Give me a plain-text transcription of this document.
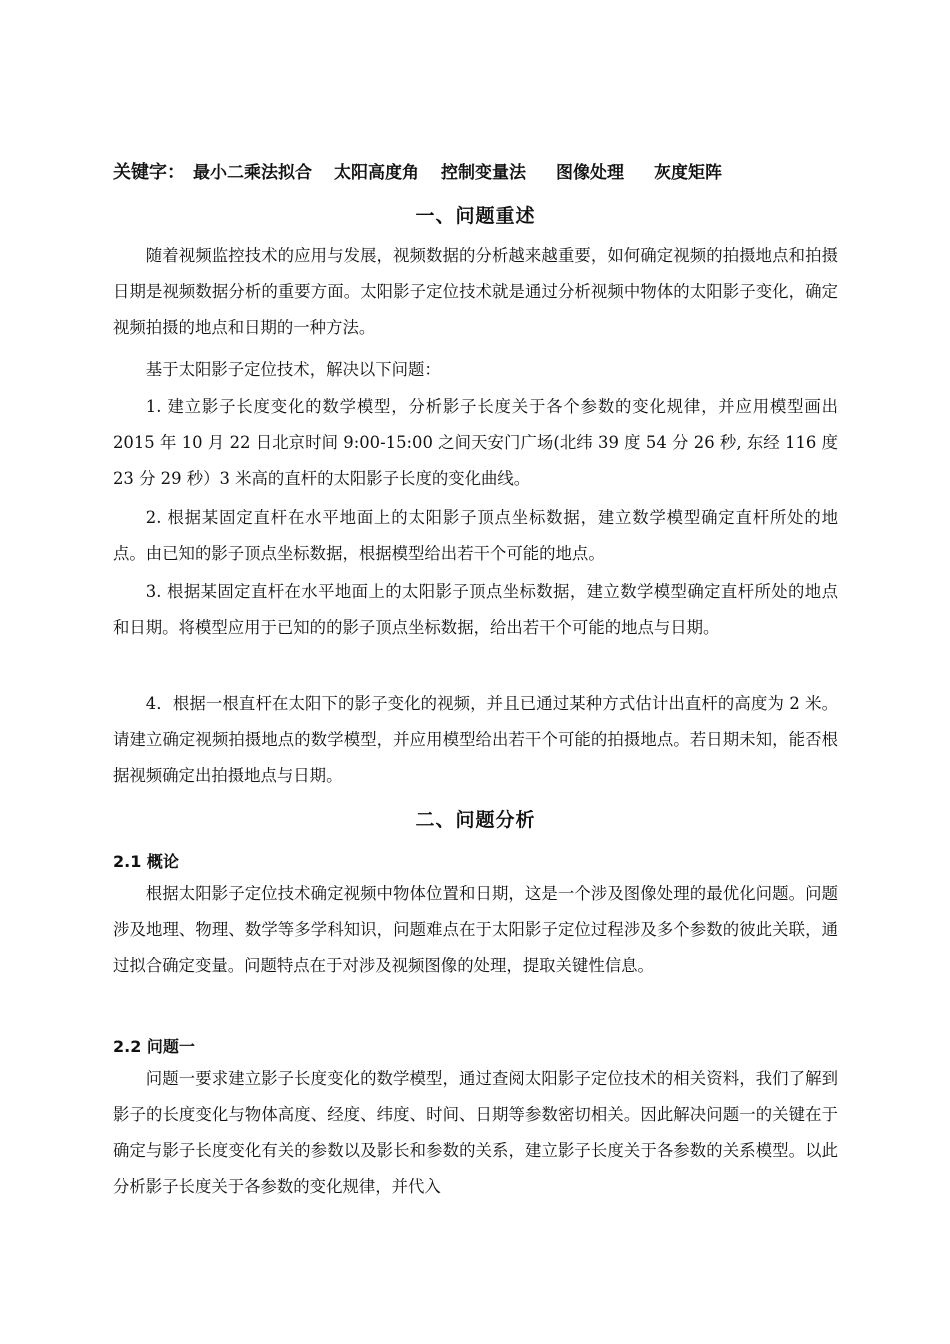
关键字： 最小二乘法拟合 太阳高度角 控制变量法 图像处理 灰度矩阵
一、问题重述

随着视频监控技术的应用与发展，视频数据的分析越来越重要，如何确定视频的拍摄地点和拍摄日期是视频数据分析的重要方面。太阳影子定位技术就是通过分析视频中物体的太阳影子变化，确定视频拍摄的地点和日期的一种方法。

基于太阳影子定位技术，解决以下问题：

1. 建立影子长度变化的数学模型，分析影子长度关于各个参数的变化规律，并应用模型画出 2015 年 10 月 22 日北京时间 9:00-15:00 之间天安门广场(北纬 39 度 54 分 26 秒, 东经 116 度 23 分 29 秒）3 米高的直杆的太阳影子长度的变化曲线。

2. 根据某固定直杆在水平地面上的太阳影子顶点坐标数据，建立数学模型确定直杆所处的地点。由已知的影子顶点坐标数据，根据模型给出若干个可能的地点。

3. 根据某固定直杆在水平地面上的太阳影子顶点坐标数据，建立数学模型确定直杆所处的地点和日期。将模型应用于已知的的影子顶点坐标数据，给出若干个可能的地点与日期。

4．根据一根直杆在太阳下的影子变化的视频，并且已通过某种方式估计出直杆的高度为 2 米。请建立确定视频拍摄地点的数学模型，并应用模型给出若干个可能的拍摄地点。若日期未知，能否根据视频确定出拍摄地点与日期。

二、问题分析
2.1 概论

根据太阳影子定位技术确定视频中物体位置和日期，这是一个涉及图像处理的最优化问题。问题涉及地理、物理、数学等多学科知识，问题难点在于太阳影子定位过程涉及多个参数的彼此关联，通过拟合确定变量。问题特点在于对涉及视频图像的处理，提取关键性信息。

2.2 问题一

问题一要求建立影子长度变化的数学模型，通过查阅太阳影子定位技术的相关资料，我们了解到影子的长度变化与物体高度、经度、纬度、时间、日期等参数密切相关。因此解决问题一的关键在于确定与影子长度变化有关的参数以及影长和参数的关系，建立影子长度关于各参数的关系模型。以此分析影子长度关于各参数的变化规律，并代入
